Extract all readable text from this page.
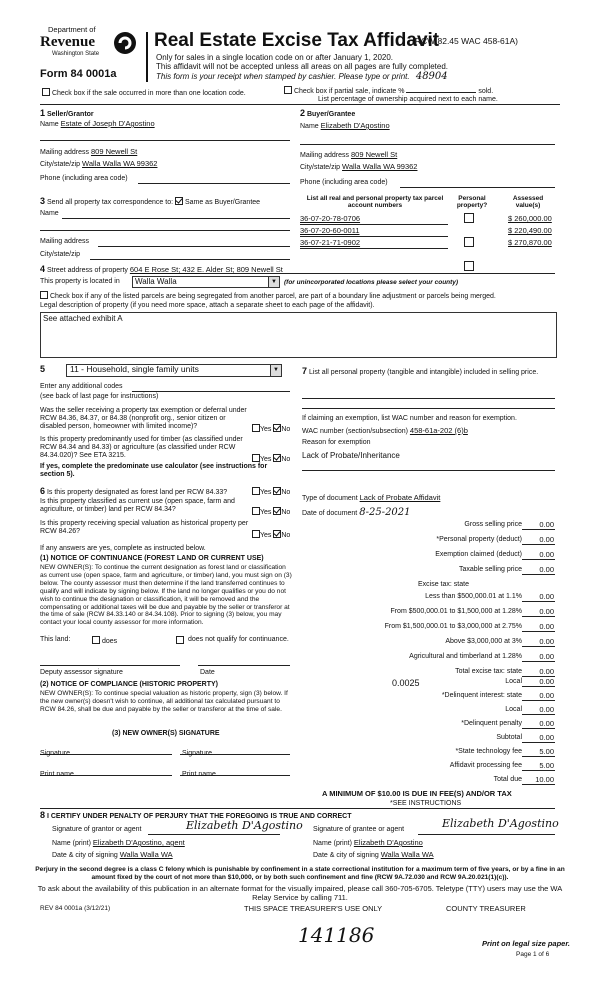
Department of
Revenue
Washington State
Form 84 0001a
Real Estate Excise Tax Affidavit
(RCW 82.45 WAC 458-61A)
Only for sales in a single location code on or after January 1, 2020.
This affidavit will not be accepted unless all areas on all pages are fully completed.
This form is your receipt when stamped by cashier. Please type or print. 48904
Check box if the sale occurred in more than one location code.	Check box if partial sale, indicate %	sold.
List percentage of ownership acquired next to each name.
1 Seller/Grantor
Name Estate of Joseph D'Agostino
Mailing address 809 Newell St
City/state/zip Walla Walla WA 99362
Phone (including area code)
2 Buyer/Grantee
Name Elizabeth D'Agostino
Mailing address 809 Newell St
City/state/zip Walla Walla WA 99362
Phone (including area code)
3 Send all property tax correspondence to: Same as Buyer/Grantee
Name
Mailing address
City/state/zip
List all real and personal property tax parcel account numbers
Personal property?
Assessed value(s)
36-07-20-78-0706	$ 260,000.00
36-07-20-60-0011	$ 220,490.00
36-07-21-71-0902	$ 270,870.00
4 Street address of property 604 E Rose St; 432 E. Alder St; 809 Newell St
This property is located in Walla Walla	▼	(for unincorporated locations please select your county)
Check box if any of the listed parcels are being segregated from another parcel, are part of a boundary line adjustment or parcels being merged.
Legal description of property (if you need more space, attach a separate sheet to each page of the affidavit).
See attached exhibit A
5	11 - Household, single family units	▼
Enter any additional codes
(see back of last page for instructions)
Was the seller receiving a property tax exemption or deferral under RCW 84.36, 84.37, or 84.38 (nonprofit org., senior citizen or disabled person, homeowner with limited income)?	Yes No
Is this property predominantly used for timber (as classified under RCW 84.34 and 84.33) or agriculture (as classified under RCW 84.34.020)? See ETA 3215.
Yes No
If yes, complete the predominate use calculator (see instructions for section 5).
6 Is this property designated as forest land per RCW 84.33?	Yes No
Is this property classified as current use (open space, farm and agriculture, or timber) land per RCW 84.34?	Yes No
Is this property receiving special valuation as historical property per RCW 84.26?
Yes No
If any answers are yes, complete as instructed below.
(1) NOTICE OF CONTINUANCE (FOREST LAND OR CURRENT USE)
NEW OWNER(S): To continue the current designation as forest land or classification as current use (open space, farm and agriculture, or timber) land, you must sign on (3) below. The county assessor must then determine if the land transferred continues to qualify and will indicate by signing below. If the land no longer qualifies or you do not wish to continue the designation or classification, it will be removed and the compensating or additional taxes will be due and payable by the seller or transferor at the time of sale (RCW 84.33.140 or 84.34.108). Prior to signing (3) below, you may contact your local county assessor for more information.
This land:	does	does not qualify for continuance.
Deputy assessor signature	Date
(2) NOTICE OF COMPLIANCE (HISTORIC PROPERTY)
NEW OWNER(S): To continue special valuation as historic property, sign (3) below. If the new owner(s) doesn't wish to continue, all additional tax calculated pursuant to RCW 84.26, shall be due and payable by the seller or transferor at the time of sale.
(3) NEW OWNER(S) SIGNATURE
Signature	Signature
Print name	Print name
7 List all personal property (tangible and intangible) included in selling price.
If claiming an exemption, list WAC number and reason for exemption.
WAC number (section/subsection) 458-61a-202 (6)b
Reason for exemption
Lack of Probate/Inheritance
Type of document Lack of Probate Affidavit
Date of document 8-25-2021
Gross selling price	0.00
*Personal property (deduct)	0.00
Exemption claimed (deduct)	0.00
Taxable selling price	0.00
Less than $500,000.01 at 1.1%	0.00
From $500,000.01 to $1,500,000 at 1.28%	0.00
From $1,500,000.01 to $3,000,000 at 2.75%	0.00
Above $3,000,000 at 3%	0.00
Agricultural and timberland at 1.28%	0.00
Total excise tax: state	0.00
Local	0.00
*Delinquent interest: state	0.00
Local	0.00
*Delinquent penalty	0.00
Subtotal	0.00
*State technology fee	5.00
Affidavit processing fee	5.00
Total due	10.00
Excise tax: state
0.0025
A MINIMUM OF $10.00 IS DUE IN FEE(S) AND/OR TAX
*SEE INSTRUCTIONS
8 I CERTIFY UNDER PENALTY OF PERJURY THAT THE FOREGOING IS TRUE AND CORRECT
Signature of grantor or agent	Elizabeth D'Agostino
Name (print) Elizabeth D'Agostino, agent
Date & city of signing Walla Walla WA
Signature of grantee or agent	Elizabeth D'Agostino
Name (print) Elizabeth D'Agostino
Date & city of signing Walla Walla WA
Perjury in the second degree is a class C felony which is punishable by confinement in a state correctional institution for a maximum term of five years, or by a fine in an amount fixed by the court of not more than $10,000, or by both such confinement and fine (RCW 9A.72.030 and RCW 9A.20.021(1)(c)).
To ask about the availability of this publication in an alternate format for the visually impaired, please call 360-705-6705. Teletype (TTY) users may use the WA Relay Service by calling 711.
REV 84 0001a (3/12/21)	THIS SPACE TREASURER'S USE ONLY	COUNTY TREASURER
141186	Print on legal size paper.
Page 1 of 6
